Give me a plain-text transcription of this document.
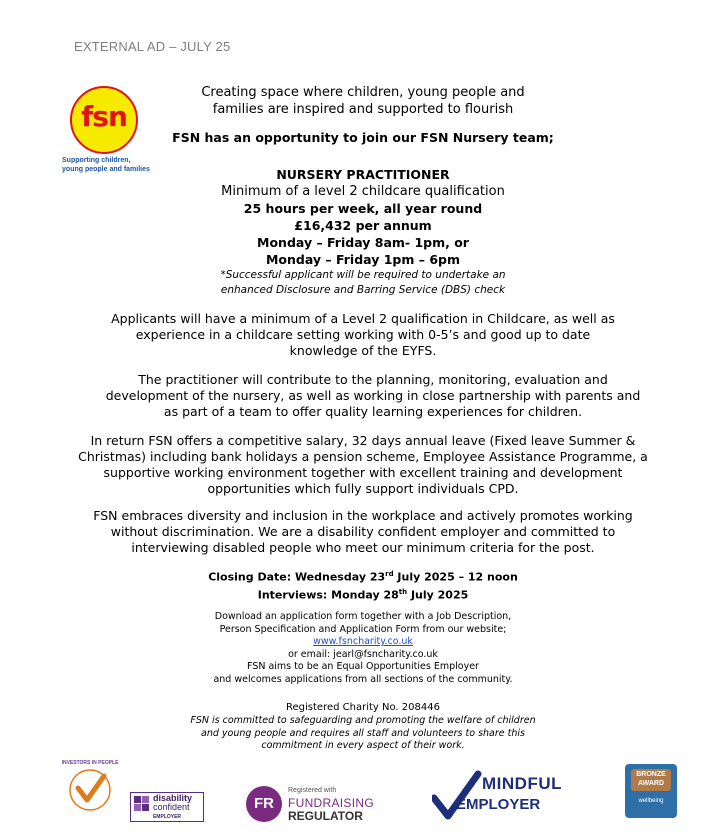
EXTERNAL AD – JULY 25
fsn
Supporting children,
young people and families
Creating space where children, young people and
families are inspired and supported to flourish
FSN has an opportunity to join our FSN Nursery team;
NURSERY PRACTITIONER
Minimum of a level 2 childcare qualification
25 hours per week, all year round
£16,432 per annum
Monday – Friday 8am- 1pm, or
Monday – Friday 1pm – 6pm
*Successful applicant will be required to undertake an
enhanced Disclosure and Barring Service (DBS) check
Applicants will have a minimum of a Level 2 qualification in Childcare, as well as
experience in a childcare setting working with 0-5’s and good up to date
knowledge of the EYFS.
The practitioner will contribute to the planning, monitoring, evaluation and
development of the nursery, as well as working in close partnership with parents and
as part of a team to offer quality learning experiences for children.
In return FSN offers a competitive salary, 32 days annual leave (Fixed leave Summer &
Christmas) including bank holidays a pension scheme, Employee Assistance Programme, a
supportive working environment together with excellent training and development
opportunities which fully support individuals CPD.
FSN embraces diversity and inclusion in the workplace and actively promotes working
without discrimination. We are a disability confident employer and committed to
interviewing disabled people who meet our minimum criteria for the post.
Closing Date: Wednesday 23rd July 2025 – 12 noon
Interviews: Monday 28th July 2025
Download an application form together with a Job Description,
Person Specification and Application Form from our website;
www.fsncharity.co.uk
or email: jearl@fsncharity.co.uk
FSN aims to be an Equal Opportunities Employer
and welcomes applications from all sections of the community.
Registered Charity No. 208446
FSN is committed to safeguarding and promoting the welfare of children
and young people and requires all staff and volunteers to share this
commitment in every aspect of their work.
INVESTORS IN PEOPLE
disability
confident
EMPLOYER
FR
Registered with
FUNDRAISING
REGULATOR
MINDFUL
EMPLOYER
BRONZE
AWARD
wellbeing
